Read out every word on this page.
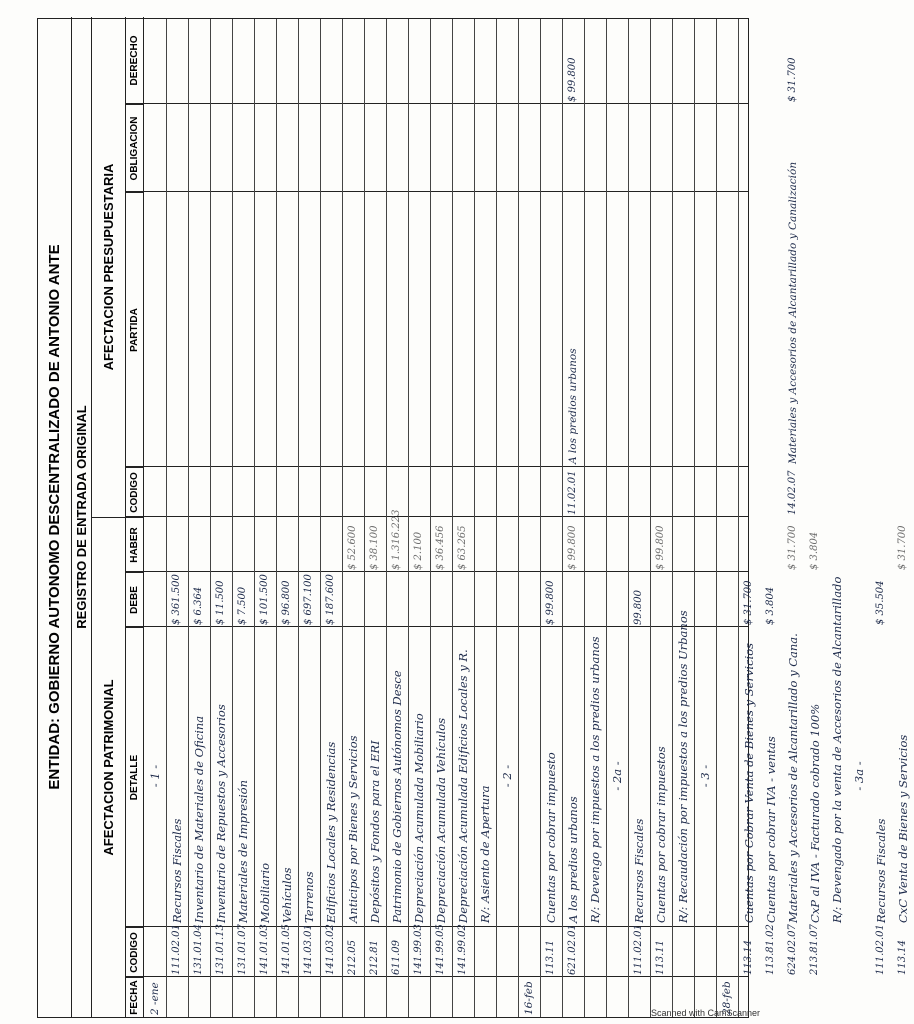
ENTIDAD: GOBIERNO AUTONOMO DESCENTRALIZADO DE ANTONIO ANTE REGISTRO DE ENTRADA ORIGINAL
AFECTACION PATRIMONIAL
AFECTACION PRESUPUESTARIA
FECHA
CODIGO
DETALLE
DEBE
HABER
CODIGO
PARTIDA
OBLIGACION
DERECHO
2 -ene
- 1 -
111.02.01
Recursos Fiscales
$ 361.500
131.01.04
Inventario de Materiales de Oficina
$ 6.364
131.01.13
Inventario de Repuestos y Accesorios
$ 11.500
131.01.07
Materiales de Impresión
$ 7.500
141.01.03
Mobiliario
$ 101.500
141.01.05
Vehículos
$ 96.800
141.03.01
Terrenos
$ 697.100
141.03.02
Edificios Locales y Residencias
$ 187.600
212.05
Anticipos por Bienes y Servicios
$ 52.600
212.81
Depósitos y Fondos para el ERI
$ 38.100
611.09
Patrimonio de Gobiernos Autónomos Desce
$ 1.316.223
141.99.03
Depreciación Acumulada Mobiliario
$ 2.100
141.99.05
Depreciación Acumulada Vehículos
$ 36.456
141.99.02
Depreciación Acumulada Edificios Locales y R.
$ 63.265
R/: Asiento de Apertura
- 2 -
16-feb
113.11
Cuentas por cobrar impuesto
$ 99.800
621.02.01
A los predios urbanos
$ 99.800
11.02.01
A los predios urbanos
$ 99.800
R/: Devengo por impuestos a los predios urbanos - 2a -
111.02.01
Recursos Fiscales
99.800
113.11
Cuentas por cobrar impuestos
$ 99.800
R/: Recaudación por impuestos a los predios Urbanos - 3 -
28-feb
113.14
Cuentas por Cobrar Venta de Bienes y Servicios
$ 31.700
113.81.02
Cuentas por cobrar IVA - ventas
$ 3.804
624.02.07
Materiales y Accesorios de Alcantarillado y Cana.
$ 31.700
14.02.07
Materiales y Accesorios de Alcantarillado y Canalización
$ 31.700
213.81.07
CxP al IVA - Facturado cobrado 100%
$ 3.804
R/: Devengado por la venta de Accesorios de Alcantarillado - 3a -
111.02.01
Recursos Fiscales
$ 35.504
113.14
CxC Venta de Bienes y Servicios
$ 31.700
Scanned with CamScanner
